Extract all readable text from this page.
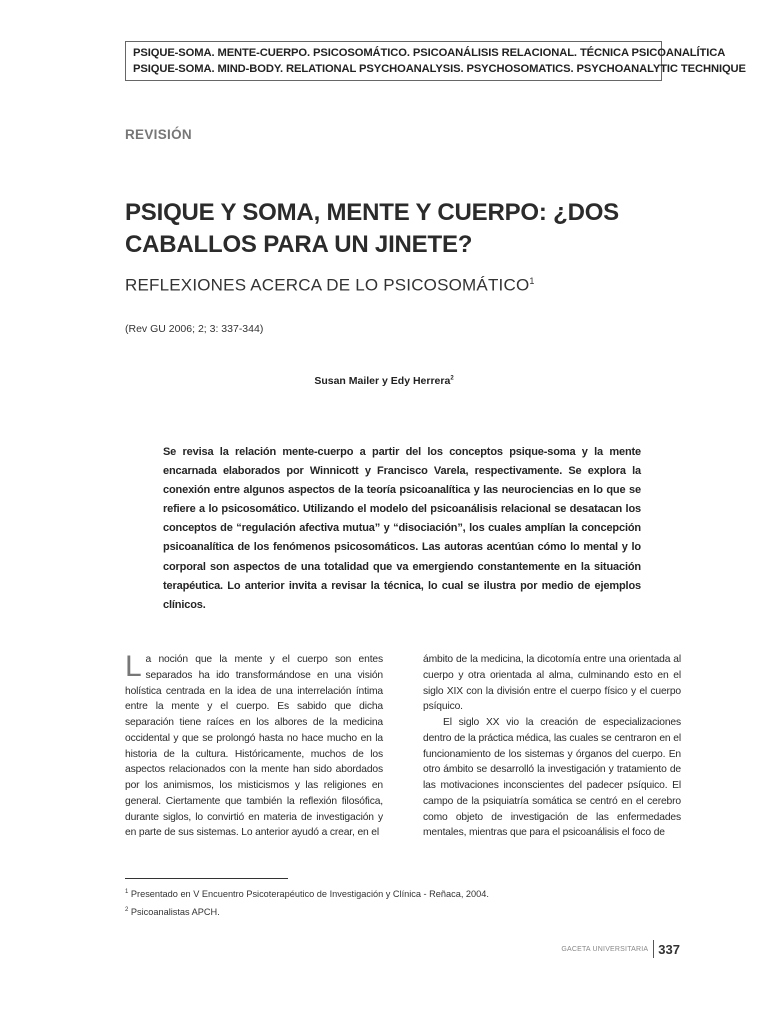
PSIQUE-SOMA. MENTE-CUERPO. PSICOSOMÁTICO. PSICOANÁLISIS RELACIONAL. TÉCNICA PSICOANALÍTICA
PSIQUE-SOMA. MIND-BODY. RELATIONAL PSYCHOANALYSIS. PSYCHOSOMATICS. PSYCHOANALYTIC TECHNIQUE
REVISIÓN
PSIQUE Y SOMA, MENTE Y CUERPO: ¿DOS CABALLOS PARA UN JINETE?
REFLEXIONES ACERCA DE LO PSICOSOMÁTICO$^1$
(Rev GU 2006; 2; 3: 337-344)
Susan Mailer y Edy Herrera$^2$

Se revisa la relación mente-cuerpo a partir del los conceptos psique-soma y la mente encarnada elaborados por Winnicott y Francisco Varela, respectivamente. Se explora la conexión entre algunos aspectos de la teoría psicoanalítica y las neurociencias en lo que se refiere a lo psicosomático. Utilizando el modelo del psicoanálisis relacional se desatacan los conceptos de “regulación afectiva mutua” y “disociación”, los cuales amplían la concepción psicoanalítica de los fenómenos psicosomáticos. Las autoras acentúan cómo lo mental y lo corporal son aspectos de una totalidad que va emergiendo constantemente en la situación terapéutica. Lo anterior invita a revisar la técnica, lo cual se ilustra por medio de ejemplos clínicos.

La noción que la mente y el cuerpo son entes separados ha ido transformándose en una visión holística centrada en la idea de una interrelación íntima entre la mente y el cuerpo. Es sabido que dicha separación tiene raíces en los albores de la medicina occidental y que se prolongó hasta no hace mucho en la historia de la cultura. Históricamente, muchos de los aspectos relacionados con la mente han sido abordados por los animismos, los misticismos y las religiones en general. Ciertamente que también la reflexión filosófica, durante siglos, lo convirtió en materia de investigación y en parte de sus sistemas. Lo anterior ayudó a crear, en el

ámbito de la medicina, la dicotomía entre una orientada al cuerpo y otra orientada al alma, culminando esto en el siglo XIX con la división entre el cuerpo físico y el cuerpo psíquico.

El siglo XX vio la creación de especializaciones dentro de la práctica médica, las cuales se centraron en el funcionamiento de los sistemas y órganos del cuerpo. En otro ámbito se desarrolló la investigación y tratamiento de las motivaciones inconscientes del padecer psíquico. El campo de la psiquiatría somática se centró en el cerebro como objeto de investigación de las enfermedades mentales, mientras que para el psicoanálisis el foco de

$^1$ Presentado en V Encuentro Psicoterapéutico de Investigación y Clínica - Reñaca, 2004.
$^2$ Psicoanalistas APCH.
GACETA UNIVERSITARIA 337
